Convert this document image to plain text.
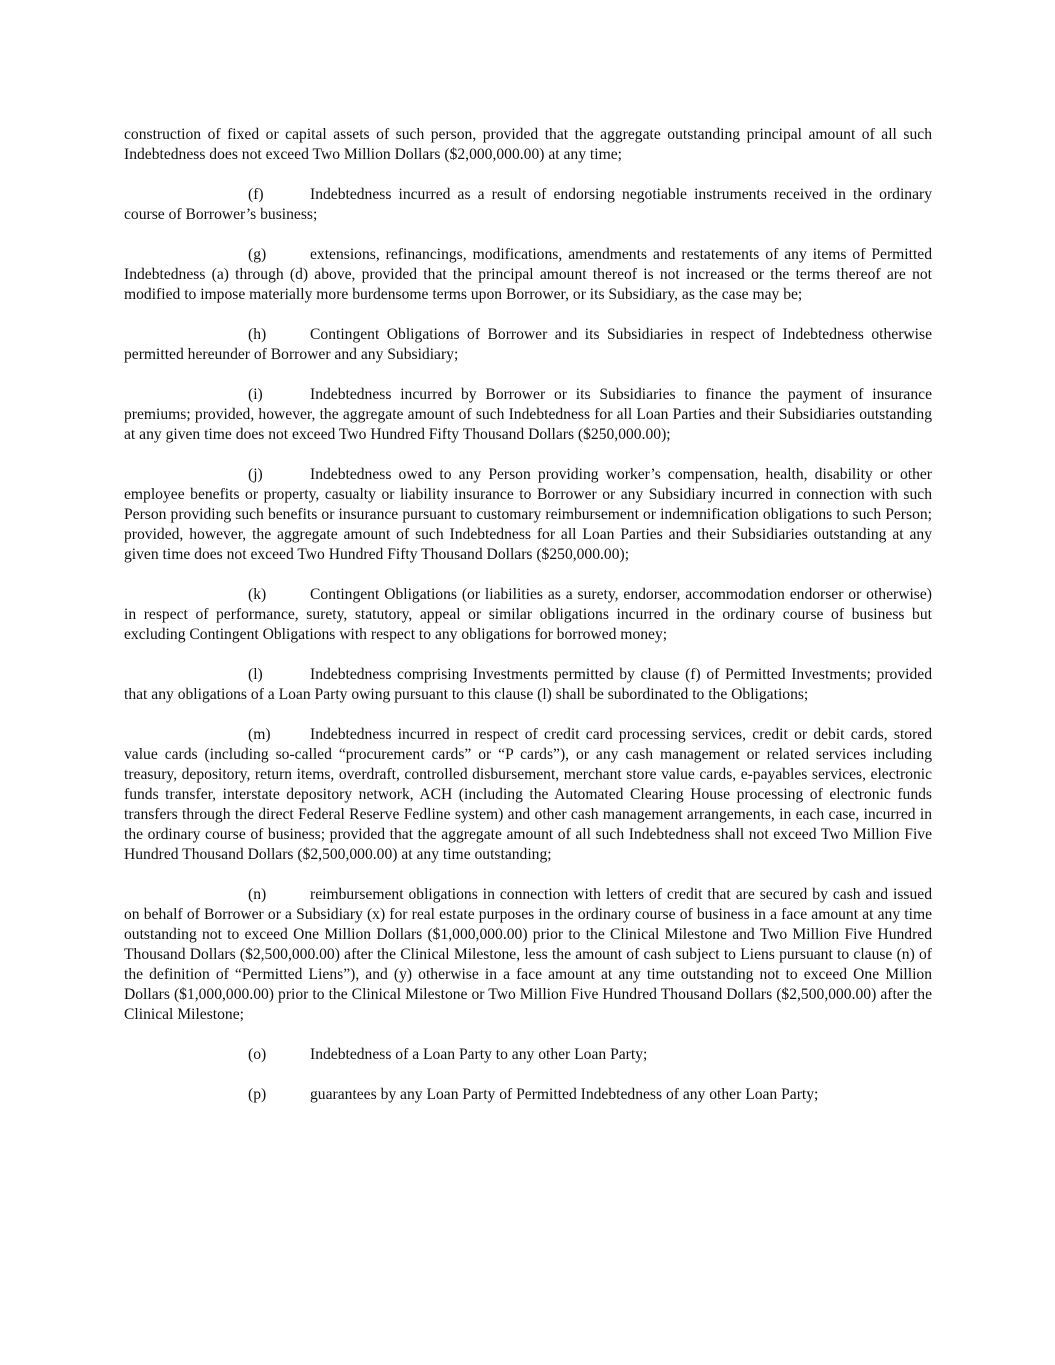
construction of fixed or capital assets of such person, provided that the aggregate outstanding principal amount of all such Indebtedness does not exceed Two Million Dollars ($2,000,000.00) at any time;

(f)	Indebtedness incurred as a result of endorsing negotiable instruments received in the ordinary course of Borrower’s business;

(g)	extensions, refinancings, modifications, amendments and restatements of any items of Permitted Indebtedness (a) through (d) above, provided that the principal amount thereof is not increased or the terms thereof are not modified to impose materially more burdensome terms upon Borrower, or its Subsidiary, as the case may be;

(h)	Contingent Obligations of Borrower and its Subsidiaries in respect of Indebtedness otherwise permitted hereunder of Borrower and any Subsidiary;

(i)	Indebtedness incurred by Borrower or its Subsidiaries to finance the payment of insurance premiums; provided, however, the aggregate amount of such Indebtedness for all Loan Parties and their Subsidiaries outstanding at any given time does not exceed Two Hundred Fifty Thousand Dollars ($250,000.00);

(j)	Indebtedness owed to any Person providing worker’s compensation, health, disability or other employee benefits or property, casualty or liability insurance to Borrower or any Subsidiary incurred in connection with such Person providing such benefits or insurance pursuant to customary reimbursement or indemnification obligations to such Person; provided, however, the aggregate amount of such Indebtedness for all Loan Parties and their Subsidiaries outstanding at any given time does not exceed Two Hundred Fifty Thousand Dollars ($250,000.00);

(k)	Contingent Obligations (or liabilities as a surety, endorser, accommodation endorser or otherwise) in respect of performance, surety, statutory, appeal or similar obligations incurred in the ordinary course of business but excluding Contingent Obligations with respect to any obligations for borrowed money;

(l)	Indebtedness comprising Investments permitted by clause (f) of Permitted Investments; provided that any obligations of a Loan Party owing pursuant to this clause (l) shall be subordinated to the Obligations;

(m)	Indebtedness incurred in respect of credit card processing services, credit or debit cards, stored value cards (including so-called “procurement cards” or “P cards”), or any cash management or related services including treasury, depository, return items, overdraft, controlled disbursement, merchant store value cards, e-payables services, electronic funds transfer, interstate depository network, ACH (including the Automated Clearing House processing of electronic funds transfers through the direct Federal Reserve Fedline system) and other cash management arrangements, in each case, incurred in the ordinary course of business; provided that the aggregate amount of all such Indebtedness shall not exceed Two Million Five Hundred Thousand Dollars ($2,500,000.00) at any time outstanding;

(n)	reimbursement obligations in connection with letters of credit that are secured by cash and issued on behalf of Borrower or a Subsidiary (x) for real estate purposes in the ordinary course of business in a face amount at any time outstanding not to exceed One Million Dollars ($1,000,000.00) prior to the Clinical Milestone and Two Million Five Hundred Thousand Dollars ($2,500,000.00) after the Clinical Milestone, less the amount of cash subject to Liens pursuant to clause (n) of the definition of “Permitted Liens”), and (y) otherwise in a face amount at any time outstanding not to exceed One Million Dollars ($1,000,000.00) prior to the Clinical Milestone or Two Million Five Hundred Thousand Dollars ($2,500,000.00) after the Clinical Milestone;

(o)	Indebtedness of a Loan Party to any other Loan Party;

(p)	guarantees by any Loan Party of Permitted Indebtedness of any other Loan Party;
